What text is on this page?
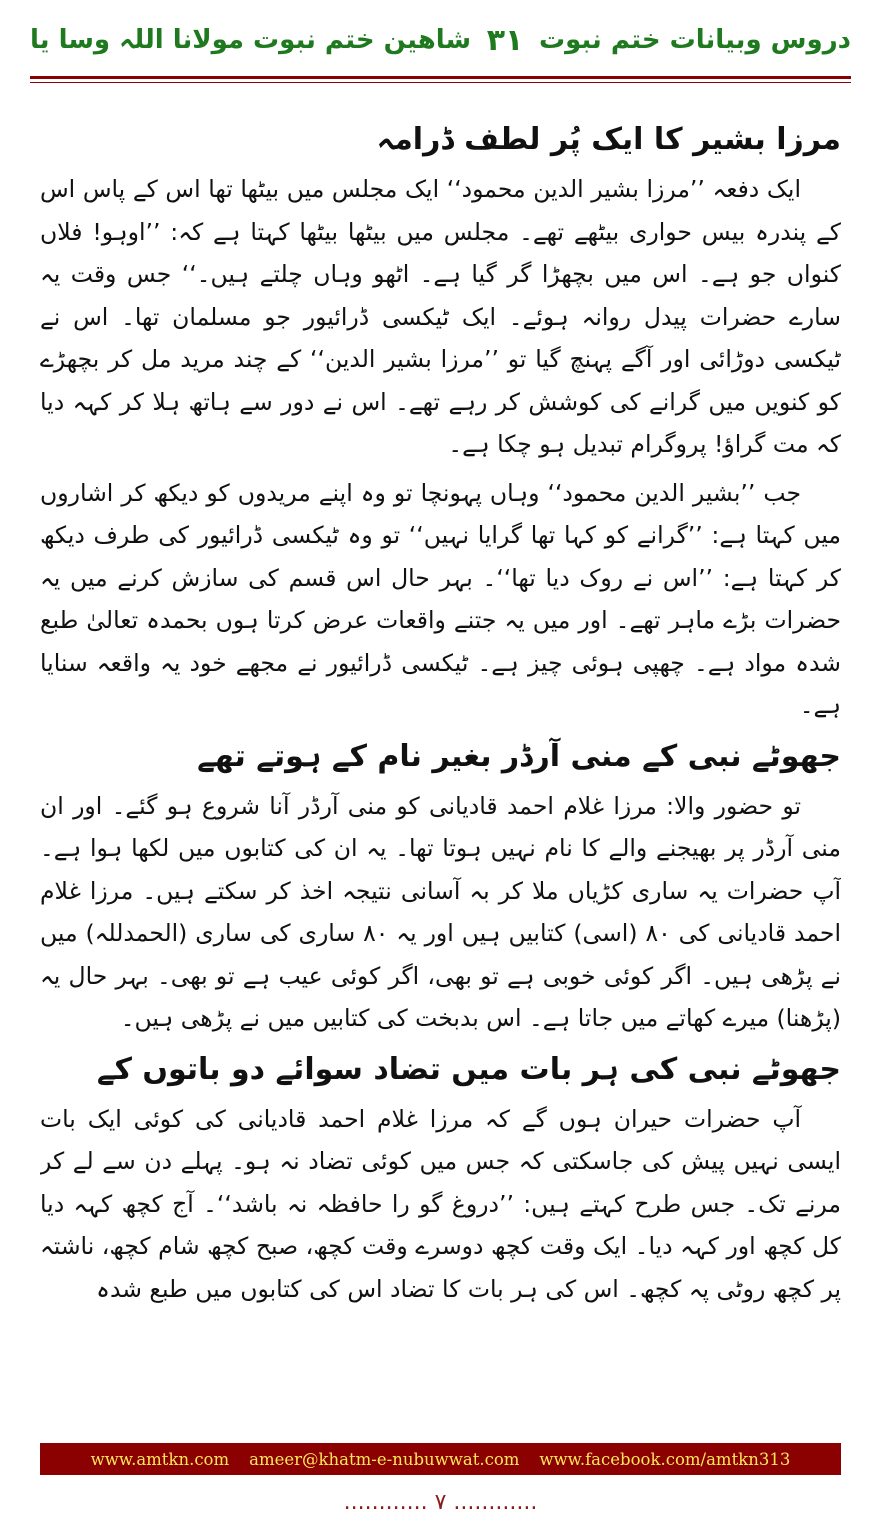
شاھین ختم نبوت مولانا اللہ وسا یا ۳۱ دروس وبیانات ختم نبوت
مرزا بشیر کا ایک پُر لطف ڈرامہ

ایک دفعہ ’’مرزا بشیر الدین محمود‘‘ ایک مجلس میں بیٹھا تھا اس کے پاس اس کے پندرہ بیس حواری بیٹھے تھے۔ مجلس میں بیٹھا بیٹھا کہتا ہے کہ: ’’اوہو! فلاں کنواں جو ہے۔ اس میں بچھڑا گر گیا ہے۔ اٹھو وہاں چلتے ہیں۔‘‘ جس وقت یہ سارے حضرات پیدل روانہ ہوئے۔ ایک ٹیکسی ڈرائیور جو مسلمان تھا۔ اس نے ٹیکسی دوڑائی اور آگے پہنچ گیا تو ’’مرزا بشیر الدین‘‘ کے چند مرید مل کر بچھڑے کو کنویں میں گرانے کی کوشش کر رہے تھے۔ اس نے دور سے ہاتھ ہلا کر کہہ دیا کہ مت گراؤ! پروگرام تبدیل ہو چکا ہے۔

جب ’’بشیر الدین محمود‘‘ وہاں پہونچا تو وہ اپنے مریدوں کو دیکھ کر اشاروں میں کہتا ہے: ’’گرانے کو کہا تھا گرایا نہیں‘‘ تو وہ ٹیکسی ڈرائیور کی طرف دیکھ کر کہتا ہے: ’’اس نے روک دیا تھا‘‘۔ بہر حال اس قسم کی سازش کرنے میں یہ حضرات بڑے ماہر تھے۔ اور میں یہ جتنے واقعات عرض کرتا ہوں بحمدہ تعالیٰ طبع شدہ مواد ہے۔ چھپی ہوئی چیز ہے۔ ٹیکسی ڈرائیور نے مجھے خود یہ واقعہ سنایا ہے۔

جھوٹے نبی کے منی آرڈر بغیر نام کے ہوتے تھے

تو حضور والا: مرزا غلام احمد قادیانی کو منی آرڈر آنا شروع ہو گئے۔ اور ان منی آرڈر پر بھیجنے والے کا نام نہیں ہوتا تھا۔ یہ ان کی کتابوں میں لکھا ہوا ہے۔ آپ حضرات یہ ساری کڑیاں ملا کر بہ آسانی نتیجہ اخذ کر سکتے ہیں۔ مرزا غلام احمد قادیانی کی ۸۰ (اسی) کتابیں ہیں اور یہ ۸۰ ساری کی ساری (الحمدللہ) میں نے پڑھی ہیں۔ اگر کوئی خوبی ہے تو بھی، اگر کوئی عیب ہے تو بھی۔ بہر حال یہ (پڑھنا) میرے کھاتے میں جاتا ہے۔ اس بدبخت کی کتابیں میں نے پڑھی ہیں۔

جھوٹے نبی کی ہر بات میں تضاد سوائے دو باتوں کے

آپ حضرات حیران ہوں گے کہ مرزا غلام احمد قادیانی کی کوئی ایک بات ایسی نہیں پیش کی جاسکتی کہ جس میں کوئی تضاد نہ ہو۔ پہلے دن سے لے کر مرنے تک۔ جس طرح کہتے ہیں: ’’دروغ گو را حافظہ نہ باشد‘‘۔ آج کچھ کہہ دیا کل کچھ اور کہہ دیا۔ ایک وقت کچھ دوسرے وقت کچھ، صبح کچھ شام کچھ، ناشتہ پر کچھ روٹی پہ کچھ۔ اس کی ہر بات کا تضاد اس کی کتابوں میں طبع شدہ

www.amtkn.com ameer@khatm-e-nubuwwat.com www.facebook.com/amtkn313
............ ۷ ............
